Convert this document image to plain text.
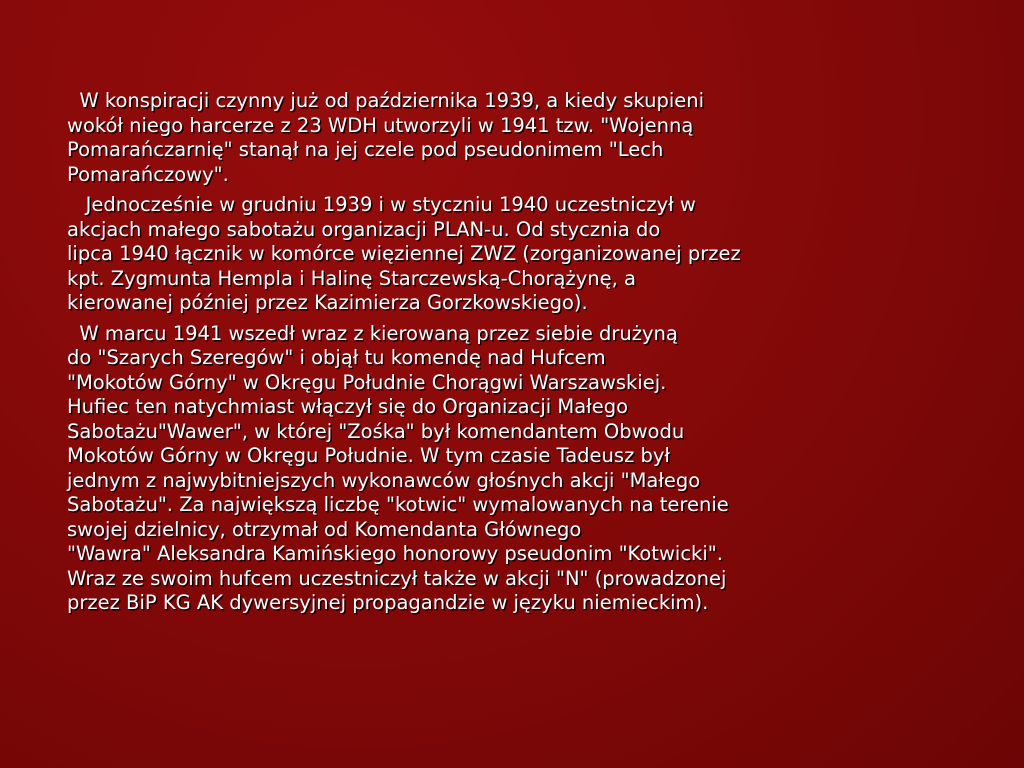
W konspiracji czynny już od października 1939, a kiedy skupieni
wokół niego harcerze z 23 WDH utworzyli w 1941 tzw. "Wojenną
Pomarańczarnię" stanął na jej czele pod pseudonimem "Lech
Pomarańczowy".

Jednocześnie w grudniu 1939 i w styczniu 1940 uczestniczył w
akcjach małego sabotażu organizacji PLAN-u. Od stycznia do
lipca 1940 łącznik w komórce więziennej ZWZ (zorganizowanej przez
kpt. Zygmunta Hempla i Halinę Starczewską-Chorążynę, a
kierowanej później przez Kazimierza Gorzkowskiego).

W marcu 1941 wszedł wraz z kierowaną przez siebie drużyną
do "Szarych Szeregów" i objął tu komendę nad Hufcem
"Mokotów Górny" w Okręgu Południe Chorągwi Warszawskiej.
Hufiec ten natychmiast włączył się do Organizacji Małego
Sabotażu"Wawer", w której "Zośka" był komendantem Obwodu
Mokotów Górny w Okręgu Południe. W tym czasie Tadeusz był
jednym z najwybitniejszych wykonawców głośnych akcji "Małego
Sabotażu". Za największą liczbę "kotwic" wymalowanych na terenie
swojej dzielnicy, otrzymał od Komendanta Głównego
"Wawra" Aleksandra Kamińskiego honorowy pseudonim "Kotwicki".
Wraz ze swoim hufcem uczestniczył także w akcji "N" (prowadzonej
przez BiP KG AK dywersyjnej propagandzie w języku niemieckim).
